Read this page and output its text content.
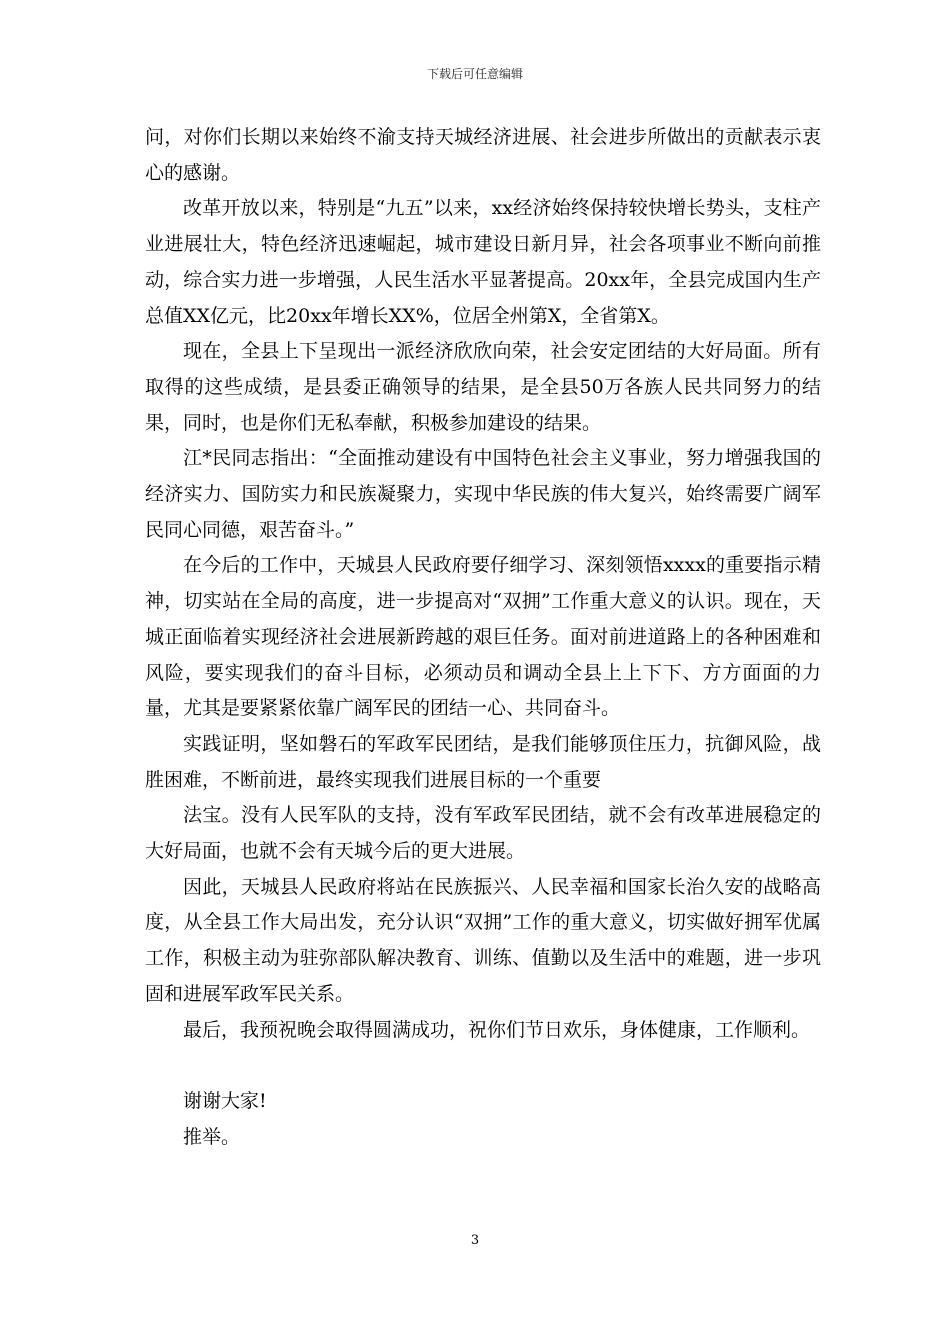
下载后可任意编辑

问，对你们长期以来始终不渝支持天城经济进展、社会进步所做出的贡献表示衷心的感谢。

改革开放以来，特别是“九五”以来，xx经济始终保持较快增长势头，支柱产业进展壮大，特色经济迅速崛起，城市建设日新月异，社会各项事业不断向前推动，综合实力进一步增强，人民生活水平显著提高。20xx年，全县完成国内生产总值XX亿元，比20xx年增长XX%，位居全州第X，全省第X。

现在，全县上下呈现出一派经济欣欣向荣，社会安定团结的大好局面。所有取得的这些成绩，是县委正确领导的结果，是全县50万各族人民共同努力的结果，同时，也是你们无私奉献，积极参加建设的结果。

江*民同志指出：“全面推动建设有中国特色社会主义事业，努力增强我国的经济实力、国防实力和民族凝聚力，实现中华民族的伟大复兴，始终需要广阔军民同心同德，艰苦奋斗。”

在今后的工作中，天城县人民政府要仔细学习、深刻领悟xxxx的重要指示精神，切实站在全局的高度，进一步提高对“双拥”工作重大意义的认识。现在，天城正面临着实现经济社会进展新跨越的艰巨任务。面对前进道路上的各种困难和风险，要实现我们的奋斗目标，必须动员和调动全县上上下下、方方面面的力量，尤其是要紧紧依靠广阔军民的团结一心、共同奋斗。

实践证明，坚如磐石的军政军民团结，是我们能够顶住压力，抗御风险，战胜困难，不断前进，最终实现我们进展目标的一个重要

法宝。没有人民军队的支持，没有军政军民团结，就不会有改革进展稳定的大好局面，也就不会有天城今后的更大进展。

因此，天城县人民政府将站在民族振兴、人民幸福和国家长治久安的战略高度，从全县工作大局出发，充分认识“双拥”工作的重大意义，切实做好拥军优属工作，积极主动为驻弥部队解决教育、训练、值勤以及生活中的难题，进一步巩固和进展军政军民关系。

最后，我预祝晚会取得圆满成功，祝你们节日欢乐，身体健康，工作顺利。

谢谢大家!

推举。

3
